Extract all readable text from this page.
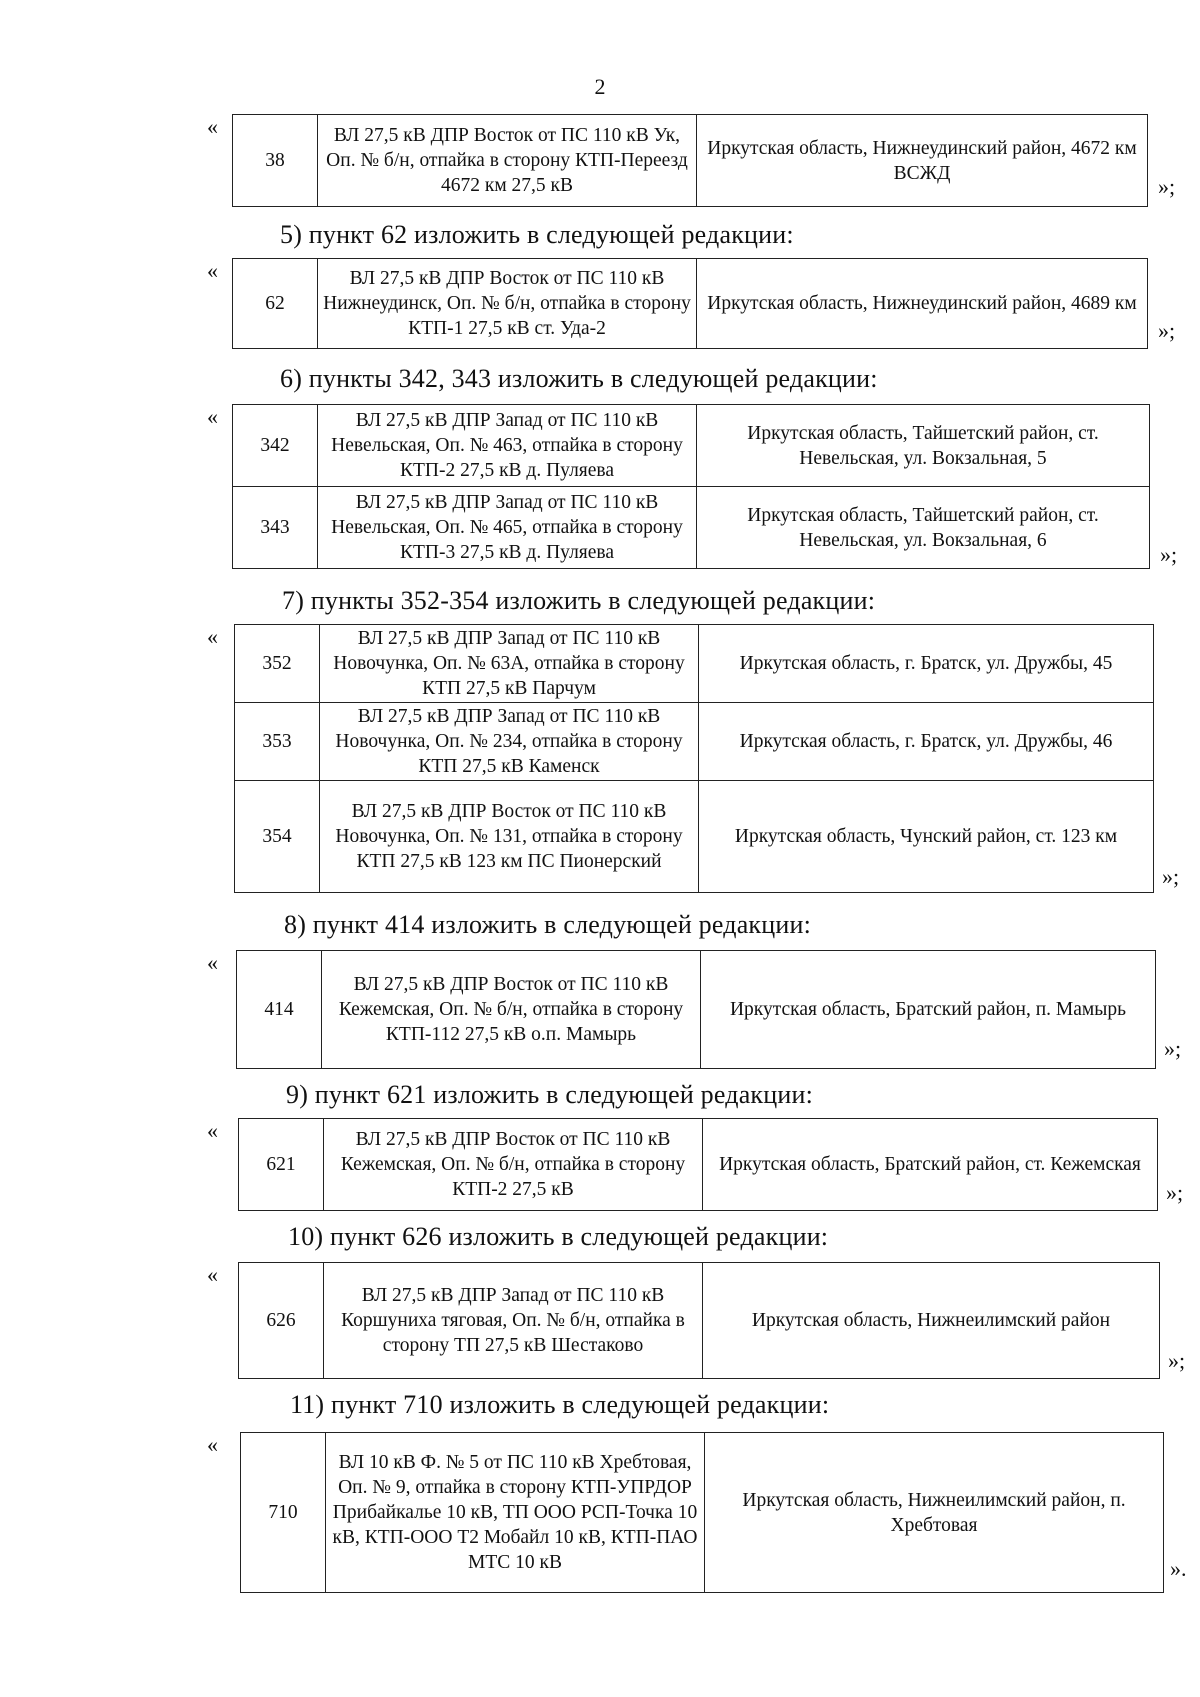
2
«
38	ВЛ 27,5 кВ ДПР Восток от ПС 110 кВ Ук, Оп. № б/н, отпайка в сторону КТП-Переезд 4672 км 27,5 кВ	Иркутская область, Нижнеудинский район, 4672 км ВСЖД
»;
5) пункт 62 изложить в следующей редакции:
«
62	ВЛ 27,5 кВ ДПР Восток от ПС 110 кВ Нижнеудинск, Оп. № б/н, отпайка в сторону КТП-1 27,5 кВ ст. Уда-2	Иркутская область, Нижнеудинский район, 4689 км
»;
6) пункты 342, 343 изложить в следующей редакции:
«
342	ВЛ 27,5 кВ ДПР Запад от ПС 110 кВ Невельская, Оп. № 463, отпайка в сторону КТП-2 27,5 кВ д. Пуляева	Иркутская область, Тайшетский район, ст. Невельская, ул. Вокзальная, 5
343	ВЛ 27,5 кВ ДПР Запад от ПС 110 кВ Невельская, Оп. № 465, отпайка в сторону КТП-3 27,5 кВ д. Пуляева	Иркутская область, Тайшетский район, ст. Невельская, ул. Вокзальная, 6
»;
7) пункты 352-354 изложить в следующей редакции:
«
352	ВЛ 27,5 кВ ДПР Запад от ПС 110 кВ Новочунка, Оп. № 63А, отпайка в сторону КТП 27,5 кВ Парчум	Иркутская область, г. Братск, ул. Дружбы, 45
353	ВЛ 27,5 кВ ДПР Запад от ПС 110 кВ Новочунка, Оп. № 234, отпайка в сторону КТП 27,5 кВ Каменск	Иркутская область, г. Братск, ул. Дружбы, 46
354	ВЛ 27,5 кВ ДПР Восток от ПС 110 кВ Новочунка, Оп. № 131, отпайка в сторону КТП 27,5 кВ 123 км ПС Пионерский	Иркутская область, Чунский район, ст. 123 км
»;
8) пункт 414 изложить в следующей редакции:
«
414	ВЛ 27,5 кВ ДПР Восток от ПС 110 кВ Кежемская, Оп. № б/н, отпайка в сторону КТП-112 27,5 кВ о.п. Мамырь	Иркутская область, Братский район, п. Мамырь
»;
9) пункт 621 изложить в следующей редакции:
«
621	ВЛ 27,5 кВ ДПР Восток от ПС 110 кВ Кежемская, Оп. № б/н, отпайка в сторону КТП-2 27,5 кВ	Иркутская область, Братский район, ст. Кежемская
»;
10) пункт 626 изложить в следующей редакции:
«
626	ВЛ 27,5 кВ ДПР Запад от ПС 110 кВ Коршуниха тяговая, Оп. № б/н, отпайка в сторону ТП 27,5 кВ Шестаково	Иркутская область, Нижнеилимский район
»;
11) пункт 710 изложить в следующей редакции:
«
710	ВЛ 10 кВ Ф. № 5 от ПС 110 кВ Хребтовая, Оп. № 9, отпайка в сторону КТП-УПРДОР Прибайкалье 10 кВ, ТП ООО РСП-Точка 10 кВ, КТП-ООО Т2 Мобайл 10 кВ, КТП-ПАО МТС 10 кВ	Иркутская область, Нижнеилимский район, п. Хребтовая
».
